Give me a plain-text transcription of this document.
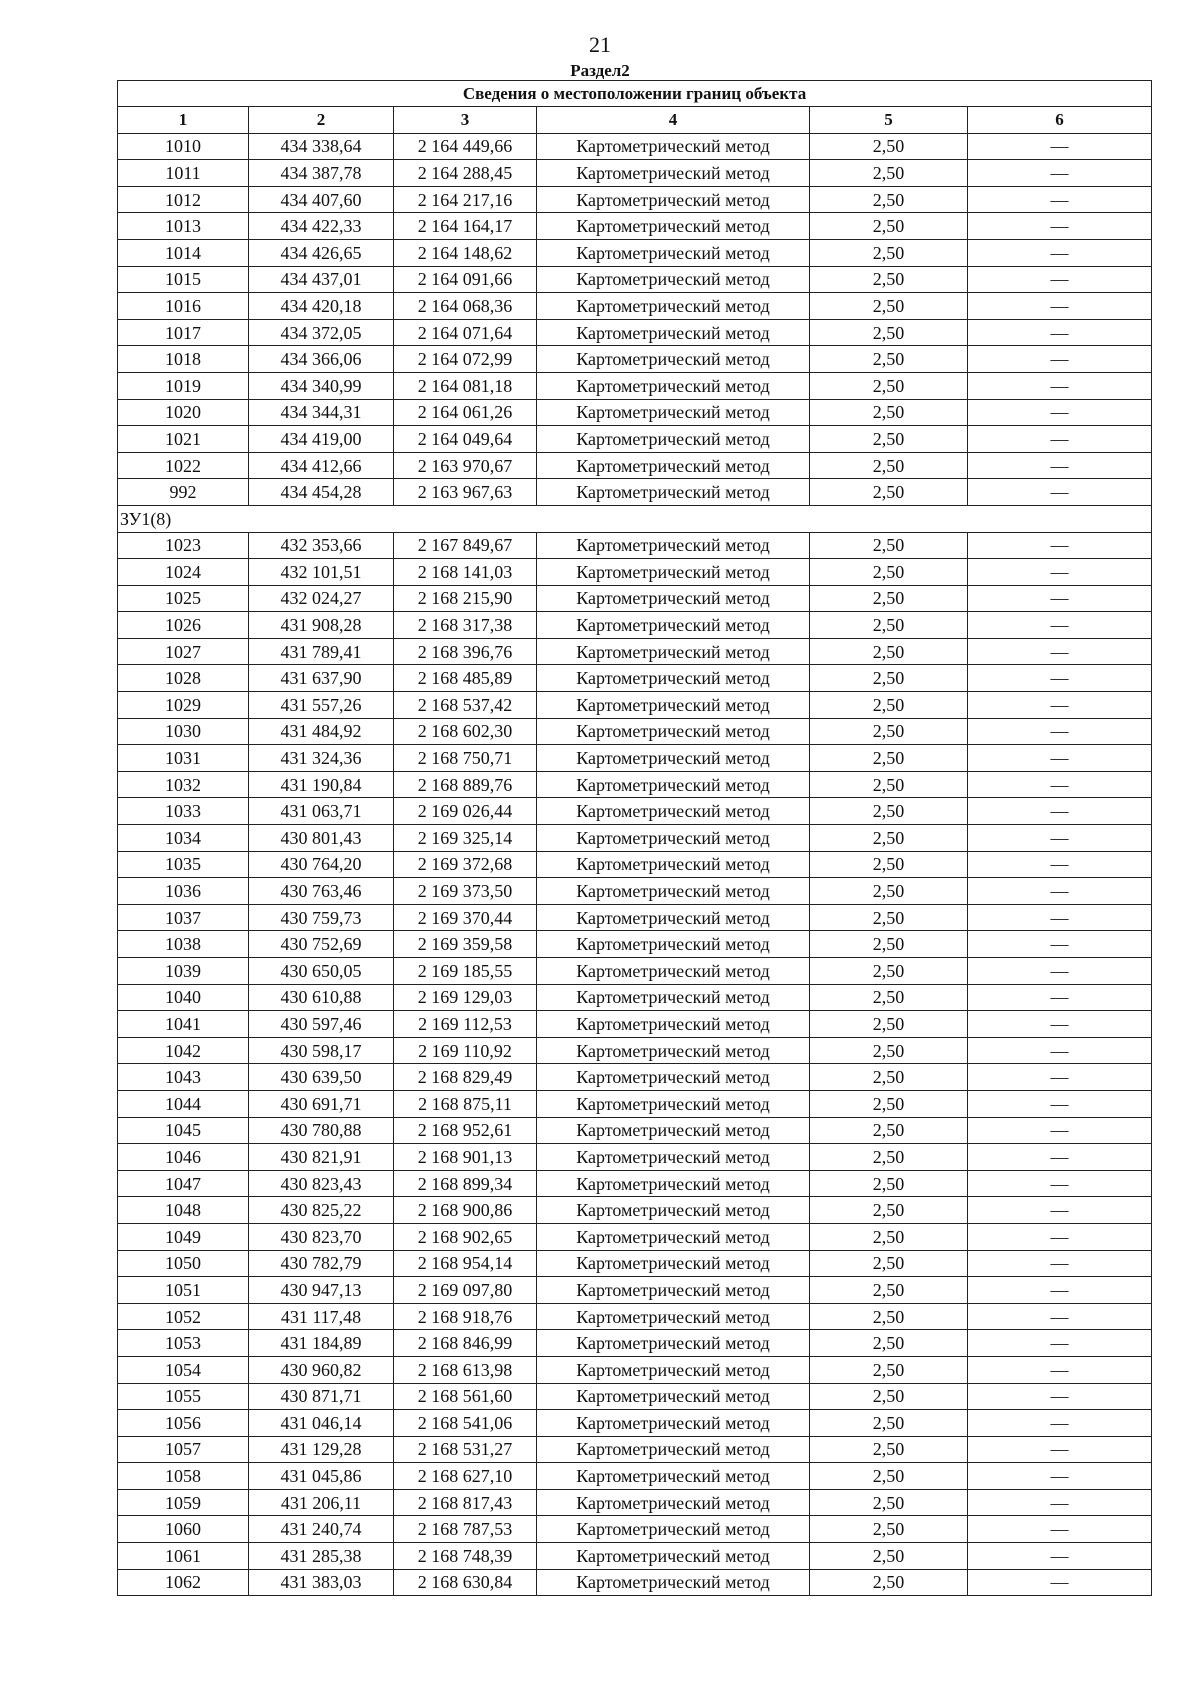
21
Раздел2
Сведения о местоположении границ объекта					
1	2	3	4	5	6
1010	434 338,64	2 164 449,66	Картометрический метод	2,50	—
1011	434 387,78	2 164 288,45	Картометрический метод	2,50	—
1012	434 407,60	2 164 217,16	Картометрический метод	2,50	—
1013	434 422,33	2 164 164,17	Картометрический метод	2,50	—
1014	434 426,65	2 164 148,62	Картометрический метод	2,50	—
1015	434 437,01	2 164 091,66	Картометрический метод	2,50	—
1016	434 420,18	2 164 068,36	Картометрический метод	2,50	—
1017	434 372,05	2 164 071,64	Картометрический метод	2,50	—
1018	434 366,06	2 164 072,99	Картометрический метод	2,50	—
1019	434 340,99	2 164 081,18	Картометрический метод	2,50	—
1020	434 344,31	2 164 061,26	Картометрический метод	2,50	—
1021	434 419,00	2 164 049,64	Картометрический метод	2,50	—
1022	434 412,66	2 163 970,67	Картометрический метод	2,50	—
992	434 454,28	2 163 967,63	Картометрический метод	2,50	—
ЗУ1(8)					
1023	432 353,66	2 167 849,67	Картометрический метод	2,50	—
1024	432 101,51	2 168 141,03	Картометрический метод	2,50	—
1025	432 024,27	2 168 215,90	Картометрический метод	2,50	—
1026	431 908,28	2 168 317,38	Картометрический метод	2,50	—
1027	431 789,41	2 168 396,76	Картометрический метод	2,50	—
1028	431 637,90	2 168 485,89	Картометрический метод	2,50	—
1029	431 557,26	2 168 537,42	Картометрический метод	2,50	—
1030	431 484,92	2 168 602,30	Картометрический метод	2,50	—
1031	431 324,36	2 168 750,71	Картометрический метод	2,50	—
1032	431 190,84	2 168 889,76	Картометрический метод	2,50	—
1033	431 063,71	2 169 026,44	Картометрический метод	2,50	—
1034	430 801,43	2 169 325,14	Картометрический метод	2,50	—
1035	430 764,20	2 169 372,68	Картометрический метод	2,50	—
1036	430 763,46	2 169 373,50	Картометрический метод	2,50	—
1037	430 759,73	2 169 370,44	Картометрический метод	2,50	—
1038	430 752,69	2 169 359,58	Картометрический метод	2,50	—
1039	430 650,05	2 169 185,55	Картометрический метод	2,50	—
1040	430 610,88	2 169 129,03	Картометрический метод	2,50	—
1041	430 597,46	2 169 112,53	Картометрический метод	2,50	—
1042	430 598,17	2 169 110,92	Картометрический метод	2,50	—
1043	430 639,50	2 168 829,49	Картометрический метод	2,50	—
1044	430 691,71	2 168 875,11	Картометрический метод	2,50	—
1045	430 780,88	2 168 952,61	Картометрический метод	2,50	—
1046	430 821,91	2 168 901,13	Картометрический метод	2,50	—
1047	430 823,43	2 168 899,34	Картометрический метод	2,50	—
1048	430 825,22	2 168 900,86	Картометрический метод	2,50	—
1049	430 823,70	2 168 902,65	Картометрический метод	2,50	—
1050	430 782,79	2 168 954,14	Картометрический метод	2,50	—
1051	430 947,13	2 169 097,80	Картометрический метод	2,50	—
1052	431 117,48	2 168 918,76	Картометрический метод	2,50	—
1053	431 184,89	2 168 846,99	Картометрический метод	2,50	—
1054	430 960,82	2 168 613,98	Картометрический метод	2,50	—
1055	430 871,71	2 168 561,60	Картометрический метод	2,50	—
1056	431 046,14	2 168 541,06	Картометрический метод	2,50	—
1057	431 129,28	2 168 531,27	Картометрический метод	2,50	—
1058	431 045,86	2 168 627,10	Картометрический метод	2,50	—
1059	431 206,11	2 168 817,43	Картометрический метод	2,50	—
1060	431 240,74	2 168 787,53	Картометрический метод	2,50	—
1061	431 285,38	2 168 748,39	Картометрический метод	2,50	—
1062	431 383,03	2 168 630,84	Картометрический метод	2,50	—
